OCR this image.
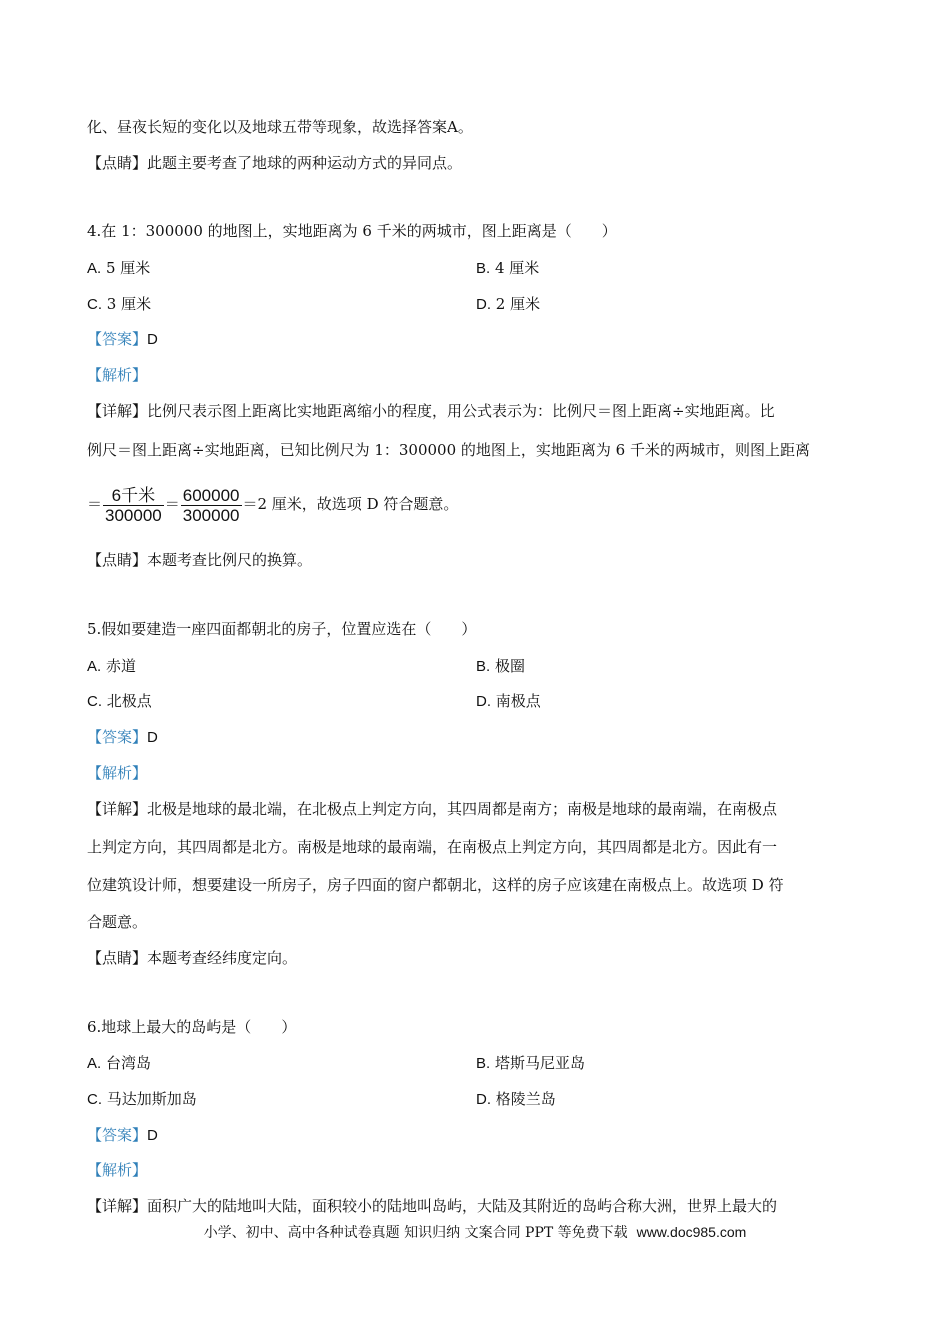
化、昼夜长短的变化以及地球五带等现象，故选择答案A。
【点睛】此题主要考查了地球的两种运动方式的异同点。
4.在 1：300000 的地图上，实地距离为 6 千米的两城市，图上距离是（　　）
A. 5 厘米	B. 4 厘米
C. 3 厘米	D. 2 厘米
【答案】D
【解析】
【详解】比例尺表示图上距离比实地距离缩小的程度，用公式表示为：比例尺＝图上距离÷实地距离。比
例尺＝图上距离÷实地距离，已知比例尺为 1：300000 的地图上，实地距离为 6 千米的两城市，则图上距离
＝ $\frac{\text{6千米}}{300000} = \frac{600000}{300000} =2$ 厘米，故选项 D 符合题意。
【点睛】本题考查比例尺的换算。
5.假如要建造一座四面都朝北的房子，位置应选在（　　）
A. 赤道	B. 极圈
C. 北极点	D. 南极点
【答案】D
【解析】
【详解】北极是地球的最北端，在北极点上判定方向，其四周都是南方；南极是地球的最南端，在南极点
上判定方向，其四周都是北方。南极是地球的最南端，在南极点上判定方向，其四周都是北方。因此有一
位建筑设计师，想要建设一所房子，房子四面的窗户都朝北，这样的房子应该建在南极点上。故选项 D 符
合题意。
【点睛】本题考查经纬度定向。
6.地球上最大的岛屿是（　　）
A. 台湾岛	B. 塔斯马尼亚岛
C. 马达加斯加岛	D. 格陵兰岛
【答案】D
【解析】
【详解】面积广大的陆地叫大陆，面积较小的陆地叫岛屿，大陆及其附近的岛屿合称大洲，世界上最大的
小学、初中、高中各种试卷真题 知识归纳 文案合同 PPT 等免费下载 www.doc985.com
